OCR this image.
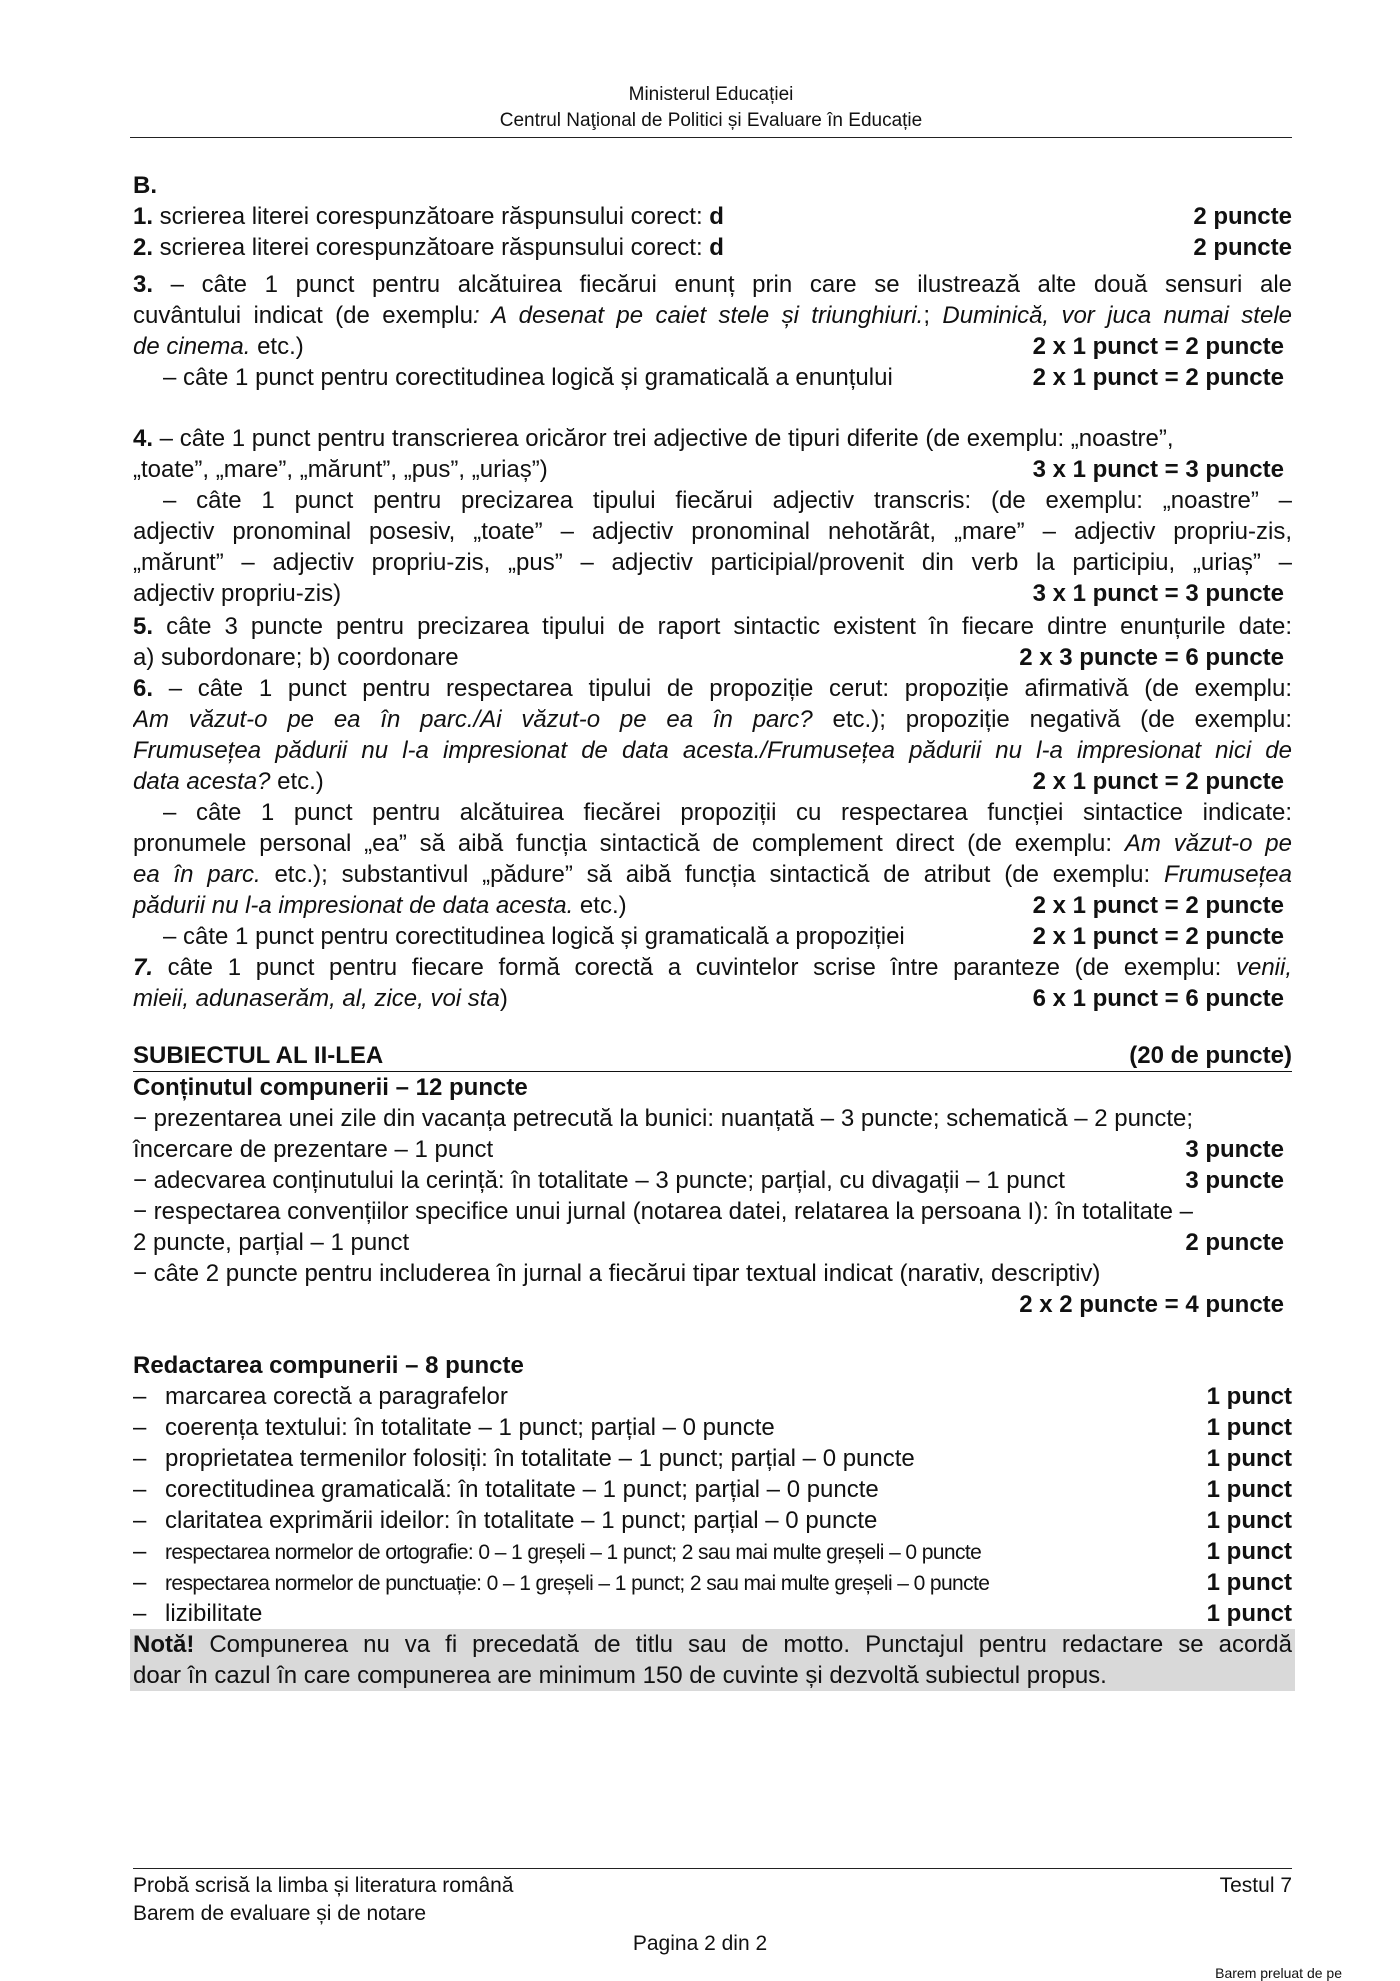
Ministerul Educației
Centrul Naţional de Politici și Evaluare în Educație
B.
1. scrierea literei corespunzătoare răspunsului corect: d	2 puncte
2. scrierea literei corespunzătoare răspunsului corect: d	2 puncte
3. – câte 1 punct pentru alcătuirea fiecărui enunț prin care se ilustrează alte două sensuri ale
cuvântului indicat (de exemplu: A desenat pe caiet stele și triunghiuri.; Duminică, vor juca numai stele
de cinema. etc.)	2 x 1 punct = 2 puncte
– câte 1 punct pentru corectitudinea logică și gramaticală a enunțului	2 x 1 punct = 2 puncte
4. – câte 1 punct pentru transcrierea oricăror trei adjective de tipuri diferite (de exemplu: „noastre”,
„toate”, „mare”, „mărunt”, „pus”, „uriaș”)	3 x 1 punct = 3 puncte
– câte 1 punct pentru precizarea tipului fiecărui adjectiv transcris: (de exemplu: „noastre” –
adjectiv pronominal posesiv, „toate” – adjectiv pronominal nehotărât, „mare” – adjectiv propriu-zis,
„mărunt” – adjectiv propriu-zis, „pus” – adjectiv participial/provenit din verb la participiu, „uriaș” –
adjectiv propriu-zis)	3 x 1 punct = 3 puncte
5. câte 3 puncte pentru precizarea tipului de raport sintactic existent în fiecare dintre enunțurile date:
a) subordonare; b) coordonare	2 x 3 puncte = 6 puncte
6. – câte 1 punct pentru respectarea tipului de propoziție cerut: propoziție afirmativă (de exemplu:
Am văzut-o pe ea în parc./Ai văzut-o pe ea în parc? etc.); propoziție negativă (de exemplu:
Frumusețea pădurii nu l-a impresionat de data acesta./Frumusețea pădurii nu l-a impresionat nici de
data acesta? etc.)	2 x 1 punct = 2 puncte
– câte 1 punct pentru alcătuirea fiecărei propoziții cu respectarea funcției sintactice indicate:
pronumele personal „ea” să aibă funcția sintactică de complement direct (de exemplu: Am văzut-o pe
ea în parc. etc.); substantivul „pădure” să aibă funcția sintactică de atribut (de exemplu: Frumusețea
pădurii nu l-a impresionat de data acesta. etc.)	2 x 1 punct = 2 puncte
– câte 1 punct pentru corectitudinea logică și gramaticală a propoziției	2 x 1 punct = 2 puncte
7. câte 1 punct pentru fiecare formă corectă a cuvintelor scrise între paranteze (de exemplu: venii,
mieii, adunaserăm, al, zice, voi sta)	6 x 1 punct = 6 puncte
SUBIECTUL AL II-LEA	(20 de puncte)
Conținutul compunerii – 12 puncte
− prezentarea unei zile din vacanța petrecută la bunici: nuanțată – 3 puncte; schematică – 2 puncte;
încercare de prezentare – 1 punct	3 puncte
− adecvarea conținutului la cerință: în totalitate – 3 puncte; parțial, cu divagații – 1 punct	3 puncte
− respectarea convențiilor specifice unui jurnal (notarea datei, relatarea la persoana I): în totalitate –
2 puncte, parțial – 1 punct	2 puncte
− câte 2 puncte pentru includerea în jurnal a fiecărui tipar textual indicat (narativ, descriptiv)
2 x 2 puncte = 4 puncte
Redactarea compunerii – 8 puncte
– marcarea corectă a paragrafelor	1 punct
– coerența textului: în totalitate – 1 punct; parțial – 0 puncte	1 punct
– proprietatea termenilor folosiți: în totalitate – 1 punct; parțial – 0 puncte	1 punct
– corectitudinea gramaticală: în totalitate – 1 punct; parțial – 0 puncte	1 punct
– claritatea exprimării ideilor: în totalitate – 1 punct; parțial – 0 puncte	1 punct
– respectarea normelor de ortografie: 0 – 1 greșeli – 1 punct; 2 sau mai multe greșeli – 0 puncte	1 punct
– respectarea normelor de punctuație: 0 – 1 greșeli – 1 punct; 2 sau mai multe greșeli – 0 puncte	1 punct
– lizibilitate	1 punct
Notă! Compunerea nu va fi precedată de titlu sau de motto. Punctajul pentru redactare se acordă
doar în cazul în care compunerea are minimum 150 de cuvinte și dezvoltă subiectul propus.
Probă scrisă la limba și literatura română	Testul 7
Barem de evaluare și de notare
Pagina 2 din 2
Barem preluat de pe
